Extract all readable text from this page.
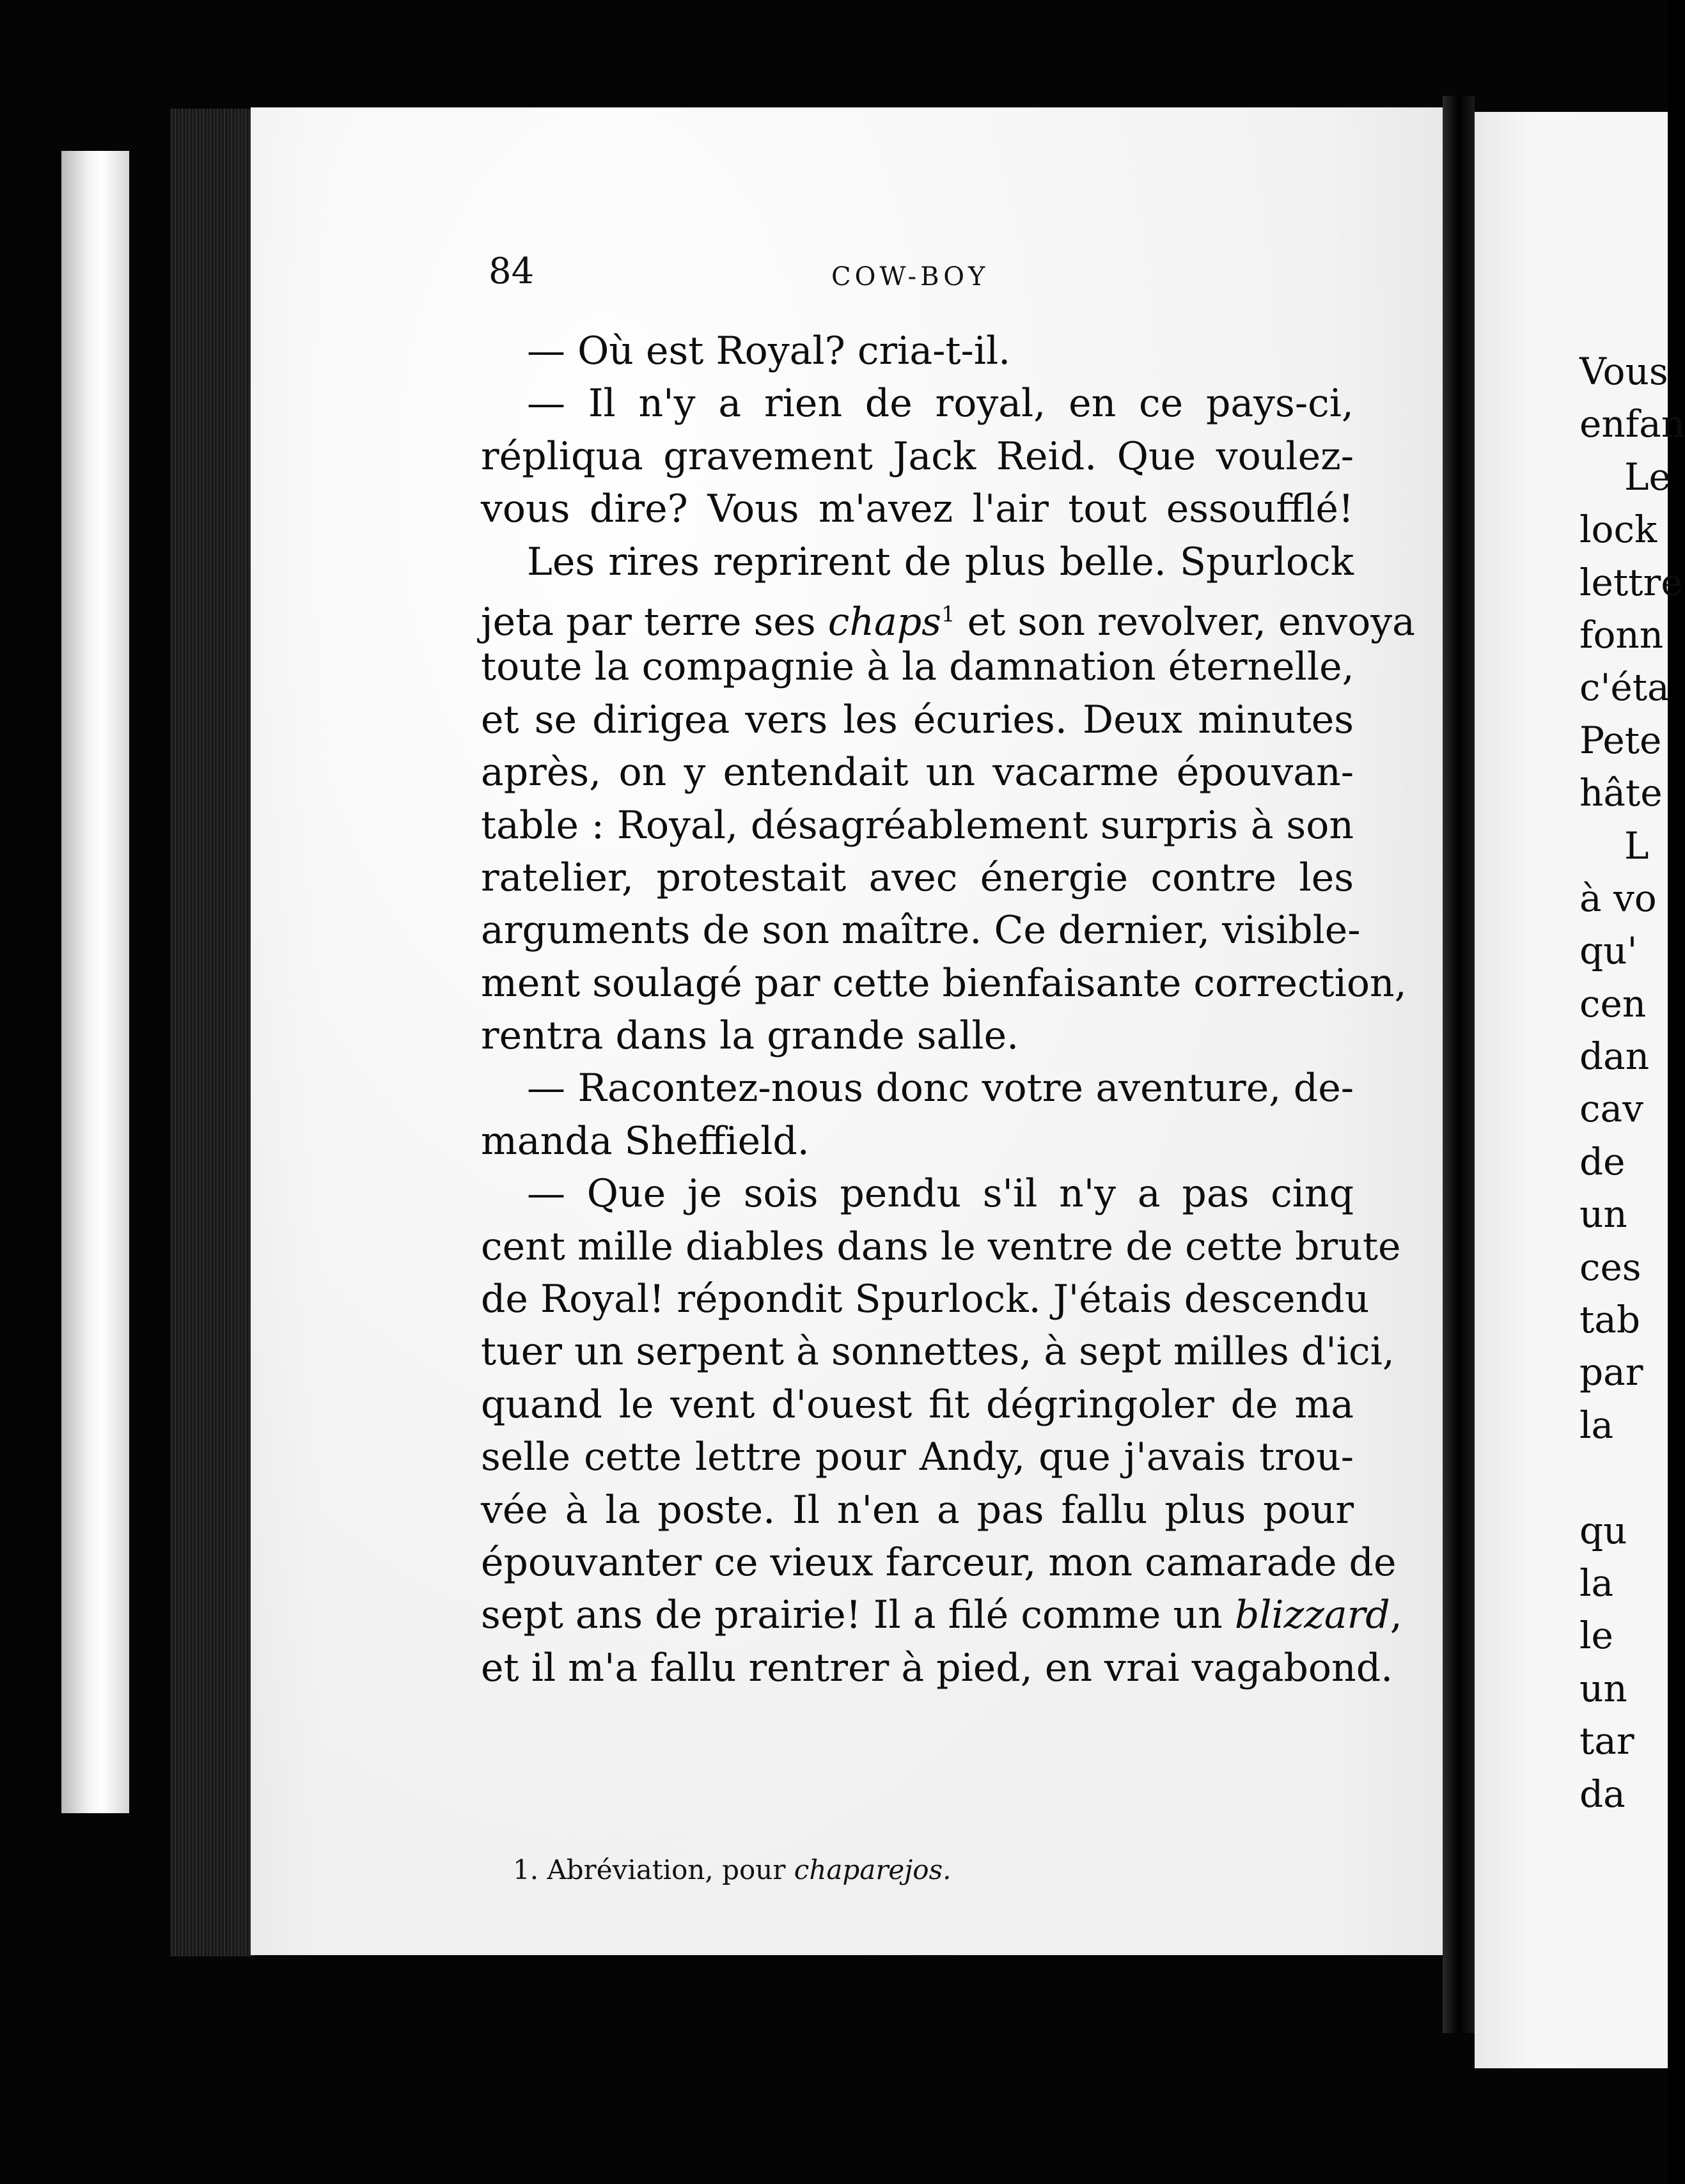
84	COW-BOY
— Où est Royal? cria-t-il.
— Il n'y a rien de royal, en ce pays-ci,
répliqua gravement Jack Reid. Que voulez-
vous dire? Vous m'avez l'air tout essoufflé!
Les rires reprirent de plus belle. Spurlock
jeta par terre ses chaps$^1$ et son revolver, envoya
toute la compagnie à la damnation éternelle,
et se dirigea vers les écuries. Deux minutes
après, on y entendait un vacarme épouvan-
table : Royal, désagréablement surpris à son
ratelier, protestait avec énergie contre les
arguments de son maître. Ce dernier, visible-
ment soulagé par cette bienfaisante correction,
rentra dans la grande salle.
— Racontez-nous donc votre aventure, de-
manda Sheffield.
— Que je sois pendu s'il n'y a pas cinq
cent mille diables dans le ventre de cette brute
de Royal! répondit Spurlock. J'étais descendu
tuer un serpent à sonnettes, à sept milles d'ici,
quand le vent d'ouest fit dégringoler de ma
selle cette lettre pour Andy, que j'avais trou-
vée à la poste. Il n'en a pas fallu plus pour
épouvanter ce vieux farceur, mon camarade de
sept ans de prairie! Il a filé comme un blizzard
et il m'a fallu rentrer à pied, en vrai vagabond.
1. Abréviation, pour chaparejos.
Vous
enfan
Le
lock
lettre
fonn
c'éta
Pete
hâte
L
à vo
qu'
cen
dan
cav
de
un
ces
tab
par
la
qu
la
le
un
tar
da
